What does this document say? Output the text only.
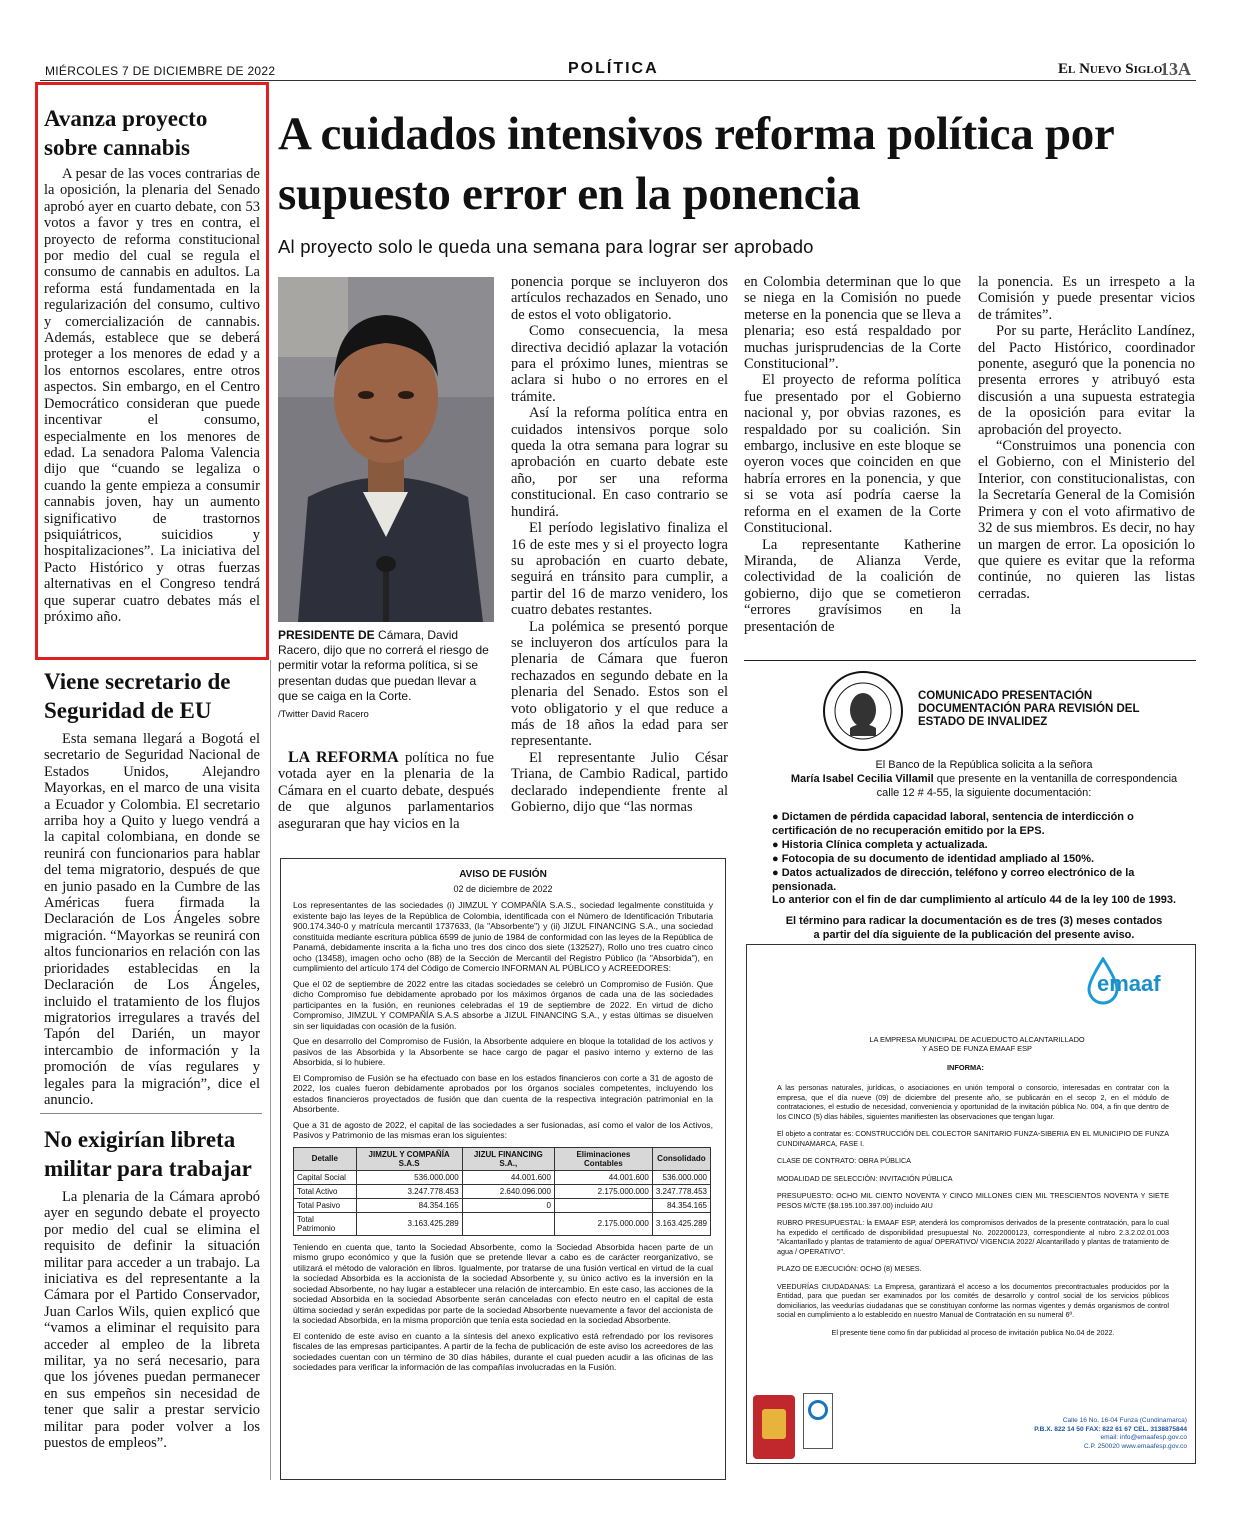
MIÉRCOLES 7 DE DICIEMBRE DE 2022	POLÍTICA	El Nuevo Siglo
13A
Avanza proyecto sobre cannabis

A pesar de las voces contrarias de la oposición, la plenaria del Senado aprobó ayer en cuarto debate, con 53 votos a favor y tres en contra, el proyecto de reforma constitucional por medio del cual se regula el consumo de cannabis en adultos. La reforma está fundamentada en la regularización del consumo, cultivo y comercialización de cannabis. Además, establece que se deberá proteger a los menores de edad y a los entornos escolares, entre otros aspectos. Sin embargo, en el Centro Democrático consideran que puede incentivar el consumo, especialmente en los menores de edad. La senadora Paloma Valencia dijo que “cuando se legaliza o cuando la gente empieza a consumir cannabis joven, hay un aumento significativo de trastornos psiquiátricos, suicidios y hospitalizaciones”. La iniciativa del Pacto Histórico y otras fuerzas alternativas en el Congreso tendrá que superar cuatro debates más el próximo año.

Viene secretario de Seguridad de EU

Esta semana llegará a Bogotá el secretario de Seguridad Nacional de Estados Unidos, Alejandro Mayorkas, en el marco de una visita a Ecuador y Colombia. El secretario arriba hoy a Quito y luego vendrá a la capital colombiana, en donde se reunirá con funcionarios para hablar del tema migratorio, después de que en junio pasado en la Cumbre de las Américas fuera firmada la Declaración de Los Ángeles sobre migración. “Mayorkas se reunirá con altos funcionarios en relación con las prioridades establecidas en la Declaración de Los Ángeles, incluido el tratamiento de los flujos migratorios irregulares a través del Tapón del Darién, un mayor intercambio de información y la promoción de vías regulares y legales para la migración”, dice el anuncio.

No exigirían libreta militar para trabajar

La plenaria de la Cámara aprobó ayer en segundo debate el proyecto por medio del cual se elimina el requisito de definir la situación militar para acceder a un trabajo. La iniciativa es del representante a la Cámara por el Partido Conservador, Juan Carlos Wils, quien explicó que “vamos a eliminar el requisito para acceder al empleo de la libreta militar, ya no será necesario, para que los jóvenes puedan permanecer en sus empeños sin necesidad de tener que salir a prestar servicio militar para poder volver a los puestos de empleos”.

A cuidados intensivos reforma política por supuesto error en la ponencia
Al proyecto solo le queda una semana para lograr ser aprobado
PRESIDENTE DE Cámara, David Racero, dijo que no correrá el riesgo de permitir votar la reforma política, si se presentan dudas que puedan llevar a que se caiga en la Corte.
/Twitter David Racero

LA REFORMA política no fue votada ayer en la plenaria de la Cámara en el cuarto debate, después de que algunos parlamentarios aseguraran que hay vicios en la

ponencia porque se incluyeron dos artículos rechazados en Senado, uno de estos el voto obligatorio.

Como consecuencia, la mesa directiva decidió aplazar la votación para el próximo lunes, mientras se aclara si hubo o no errores en el trámite.

Así la reforma política entra en cuidados intensivos porque solo queda la otra semana para lograr su aprobación en cuarto debate este año, por ser una reforma constitucional. En caso contrario se hundirá.

El período legislativo finaliza el 16 de este mes y si el proyecto logra su aprobación en cuarto debate, seguirá en tránsito para cumplir, a partir del 16 de marzo venidero, los cuatro debates restantes.

La polémica se presentó porque se incluyeron dos artículos para la plenaria de Cámara que fueron rechazados en segundo debate en la plenaria del Senado. Estos son el voto obligatorio y el que reduce a más de 18 años la edad para ser representante.

El representante Julio César Triana, de Cambio Radical, partido declarado independiente frente al Gobierno, dijo que “las normas

en Colombia determinan que lo que se niega en la Comisión no puede meterse en la ponencia que se lleva a plenaria; eso está respaldado por muchas jurisprudencias de la Corte Constitucional”.

El proyecto de reforma política fue presentado por el Gobierno nacional y, por obvias razones, es respaldado por su coalición. Sin embargo, inclusive en este bloque se oyeron voces que coinciden en que habría errores en la ponencia, y que si se vota así podría caerse la reforma en el examen de la Corte Constitucional.

La representante Katherine Miranda, de Alianza Verde, colectividad de la coalición de gobierno, dijo que se cometieron “errores gravísimos en la presentación de

la ponencia. Es un irrespeto a la Comisión y puede presentar vicios de trámites”.

Por su parte, Heráclito Landínez, del Pacto Histórico, coordinador ponente, aseguró que la ponencia no presenta errores y atribuyó esta discusión a una supuesta estrategia de la oposición para evitar la aprobación del proyecto.

“Construimos una ponencia con el Gobierno, con el Ministerio del Interior, con constitucionalistas, con la Secretaría General de la Comisión Primera y con el voto afirmativo de 32 de sus miembros. Es decir, no hay un margen de error. La oposición lo que quiere es evitar que la reforma continúe, no quieren las listas cerradas.

AVISO DE FUSIÓN
02 de diciembre de 2022
Los representantes de las sociedades (i) JIMZUL Y COMPAÑÍA S.A.S., sociedad legalmente constituida y existente bajo las leyes de la República de Colombia, identificada con el Número de Identificación Tributaria 900.174.340-0 y matrícula mercantil 1737633, (la "Absorbente") y (ii) JIZUL FINANCING S.A., una sociedad constituida mediante escritura pública 6599 de junio de 1984 de conformidad con las leyes de la República de Panamá, debidamente inscrita a la ficha uno tres dos cinco dos siete (132527), Rollo uno tres cuatro cinco ocho (13458), imagen ocho ocho (88) de la Sección de Mercantil del Registro Público (la "Absorbida"), en cumplimiento del artículo 174 del Código de Comercio INFORMAN AL PÚBLICO y ACREEDORES:
Que el 02 de septiembre de 2022 entre las citadas sociedades se celebró un Compromiso de Fusión. Que dicho Compromiso fue debidamente aprobado por los máximos órganos de cada una de las sociedades participantes en la fusión, en reuniones celebradas el 19 de septiembre de 2022. En virtud de dicho Compromiso, JIMZUL Y COMPAÑÍA S.A.S absorbe a JIZUL FINANCING S.A., y estas últimas se disuelven sin ser liquidadas con ocasión de la fusión.
Que en desarrollo del Compromiso de Fusión, la Absorbente adquiere en bloque la totalidad de los activos y pasivos de las Absorbida y la Absorbente se hace cargo de pagar el pasivo interno y externo de las Absorbida, si lo hubiere.
El Compromiso de Fusión se ha efectuado con base en los estados financieros con corte a 31 de agosto de 2022, los cuales fueron debidamente aprobados por los órganos sociales competentes, incluyendo los estados financieros proyectados de fusión que dan cuenta de la respectiva integración patrimonial en la Absorbente.
Que a 31 de agosto de 2022, el capital de las sociedades a ser fusionadas, así como el valor de los Activos, Pasivos y Patrimonio de las mismas eran los siguientes:
Detalle	JIMZUL Y COMPAÑÍA S.A.S	JIZUL FINANCING S.A.,	Eliminaciones Contables	Consolidado
Capital Social	536.000.000	44.001.600	44.001.600	536.000.000
Total Activo	3.247.778.453	2.640.096.000	2.175.000.000	3.247.778.453
Total Pasivo	84.354.165	0		84.354.165
Total Patrimonio	3.163.425.289		2.175.000.000	3.163.425.289
Teniendo en cuenta que, tanto la Sociedad Absorbente, como la Sociedad Absorbida hacen parte de un mismo grupo económico y que la fusión que se pretende llevar a cabo es de carácter reorganizativo, se utilizará el método de valoración en libros. Igualmente, por tratarse de una fusión vertical en virtud de la cual la sociedad Absorbida es la accionista de la sociedad Absorbente y, su único activo es la inversión en la sociedad Absorbente, no hay lugar a establecer una relación de intercambio. En este caso, las acciones de la sociedad Absorbida en la sociedad Absorbente serán canceladas con efecto neutro en el capital de esta última sociedad y serán expedidas por parte de la sociedad Absorbente nuevamente a favor del accionista de la sociedad Absorbida, en la misma proporción que tenía esta sociedad en la sociedad Absorbente.
El contenido de este aviso en cuanto a la síntesis del anexo explicativo está refrendado por los revisores fiscales de las empresas participantes. A partir de la fecha de publicación de este aviso los acreedores de las sociedades cuentan con un término de 30 días hábiles, durante el cual pueden acudir a las oficinas de las sociedades para verificar la información de las compañías involucradas en la Fusión.
COMUNICADO PRESENTACIÓN DOCUMENTACIÓN PARA REVISIÓN DEL ESTADO DE INVALIDEZ
El Banco de la República solicita a la señora
María Isabel Cecilia Villamil que presente en la ventanilla de correspondencia calle 12 # 4-55, la siguiente documentación:
● Dictamen de pérdida capacidad laboral, sentencia de interdicción o certificación de no recuperación emitido por la EPS.
● Historia Clínica completa y actualizada.
● Fotocopia de su documento de identidad ampliado al 150%.
● Datos actualizados de dirección, teléfono y correo electrónico de la pensionada.
Lo anterior con el fin de dar cumplimiento al artículo 44 de la ley 100 de 1993.
El término para radicar la documentación es de tres (3) meses contados a partir del día siguiente de la publicación del presente aviso.
emaaf
LA EMPRESA MUNICIPAL DE ACUEDUCTO ALCANTARILLADO Y ASEO DE FUNZA EMAAF ESP
INFORMA:
A las personas naturales, jurídicas, o asociaciones en unión temporal o consorcio, interesadas en contratar con la empresa, que el día nueve (09) de diciembre del presente año, se publicarán en el secop 2, en el módulo de contrataciones, el estudio de necesidad, conveniencia y oportunidad de la invitación pública No. 004, a fin que dentro de los CINCO (5) días hábiles, siguientes manifiesten las observaciones que tengan lugar.
El objeto a contratar es: CONSTRUCCIÓN DEL COLECTOR SANITARIO FUNZA-SIBERIA EN EL MUNICIPIO DE FUNZA CUNDINAMARCA, FASE I.
CLASE DE CONTRATO: OBRA PÚBLICA
MODALIDAD DE SELECCIÓN: INVITACIÓN PÚBLICA
PRESUPUESTO: OCHO MIL CIENTO NOVENTA Y CINCO MILLONES CIEN MIL TRESCIENTOS NOVENTA Y SIETE PESOS M/CTE ($8.195.100.397.00) incluido AIU
RUBRO PRESUPUESTAL: la EMAAF ESP, atenderá los compromisos derivados de la presente contratación, para lo cual ha expedido el certificado de disponibilidad presupuestal No. 2022000123, correspondiente al rubro 2.3.2.02.01.003 "Alcantarillado y plantas de tratamiento de agua/ OPERATIVO/ VIGENCIA 2022/ Alcantarillado y plantas de tratamiento de agua / OPERATIVO".
PLAZO DE EJECUCIÓN: OCHO (8) MESES.
VEEDURÍAS CIUDADANAS: La Empresa, garantizará el acceso a los documentos precontractuales producidos por la Entidad, para que puedan ser examinados por los comités de desarrollo y control social de los servicios públicos domiciliarios, las veedurías ciudadanas que se constituyan conforme las normas vigentes y demás organismos de control social en cumplimiento a lo establecido en nuestro Manual de Contratación en su numeral 6º.
El presente tiene como fin dar publicidad al proceso de invitación publica No.04 de 2022.
Calle 16 No. 16-04 Funza (Cundinamarca)
P.B.X. 822 14 50 FAX: 822 61 67 CEL. 3138875844
email: info@emaafesp.gov.co
C.P. 250020 www.emaafesp.gov.co
